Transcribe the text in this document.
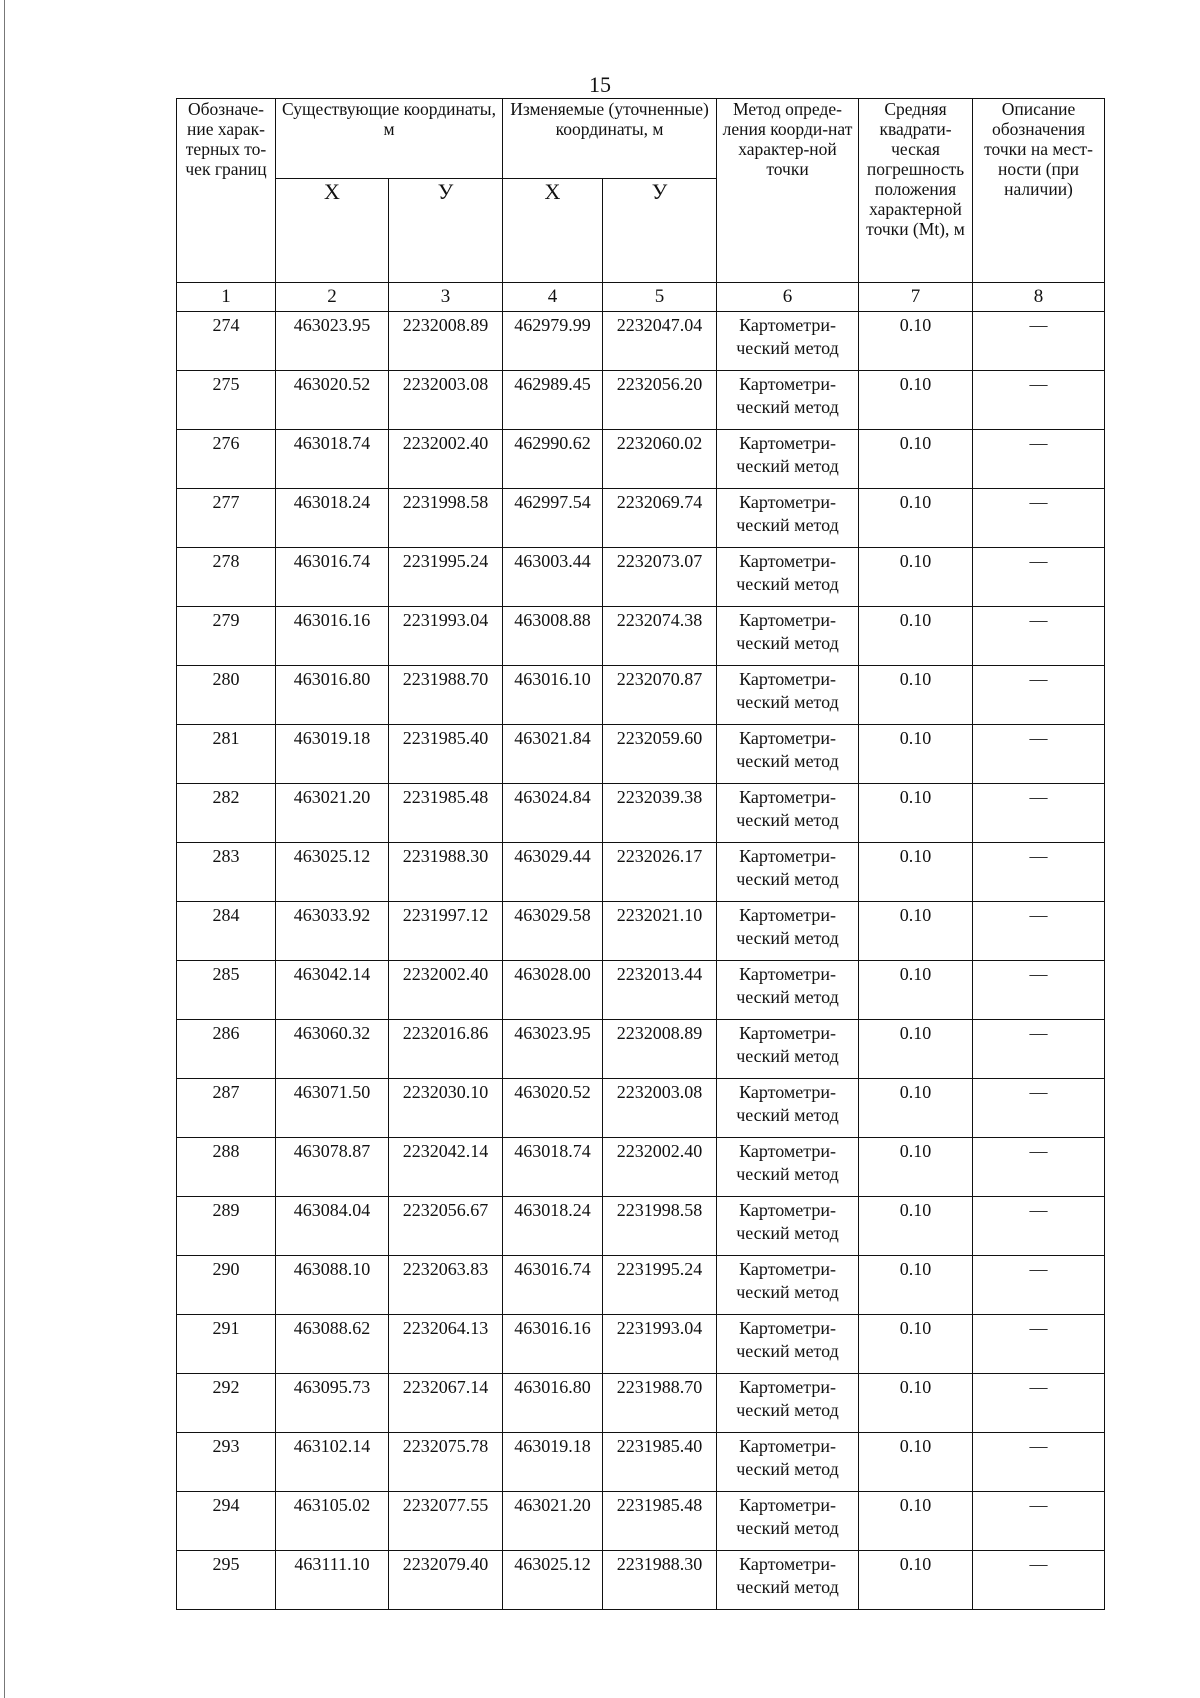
15
Обозначе-ние харак-терных то-чек границ	Существующие координаты, м		Изменяемые (уточненные) координаты, м		Метод опреде-ления коорди-нат характер-ной точки	Средняя квадрати-ческая погрешность положения характерной точки (Mt), м	Описание обозначения точки на мест-ности (при наличии)
	X	У	X	У			
1	2	3	4	5	6	7	8
274	463023.95	2232008.89	462979.99	2232047.04	Картометри-ческий метод	0.10	—
275	463020.52	2232003.08	462989.45	2232056.20	Картометри-ческий метод	0.10	—
276	463018.74	2232002.40	462990.62	2232060.02	Картометри-ческий метод	0.10	—
277	463018.24	2231998.58	462997.54	2232069.74	Картометри-ческий метод	0.10	—
278	463016.74	2231995.24	463003.44	2232073.07	Картометри-ческий метод	0.10	—
279	463016.16	2231993.04	463008.88	2232074.38	Картометри-ческий метод	0.10	—
280	463016.80	2231988.70	463016.10	2232070.87	Картометри-ческий метод	0.10	—
281	463019.18	2231985.40	463021.84	2232059.60	Картометри-ческий метод	0.10	—
282	463021.20	2231985.48	463024.84	2232039.38	Картометри-ческий метод	0.10	—
283	463025.12	2231988.30	463029.44	2232026.17	Картометри-ческий метод	0.10	—
284	463033.92	2231997.12	463029.58	2232021.10	Картометри-ческий метод	0.10	—
285	463042.14	2232002.40	463028.00	2232013.44	Картометри-ческий метод	0.10	—
286	463060.32	2232016.86	463023.95	2232008.89	Картометри-ческий метод	0.10	—
287	463071.50	2232030.10	463020.52	2232003.08	Картометри-ческий метод	0.10	—
288	463078.87	2232042.14	463018.74	2232002.40	Картометри-ческий метод	0.10	—
289	463084.04	2232056.67	463018.24	2231998.58	Картометри-ческий метод	0.10	—
290	463088.10	2232063.83	463016.74	2231995.24	Картометри-ческий метод	0.10	—
291	463088.62	2232064.13	463016.16	2231993.04	Картометри-ческий метод	0.10	—
292	463095.73	2232067.14	463016.80	2231988.70	Картометри-ческий метод	0.10	—
293	463102.14	2232075.78	463019.18	2231985.40	Картометри-ческий метод	0.10	—
294	463105.02	2232077.55	463021.20	2231985.48	Картометри-ческий метод	0.10	—
295	463111.10	2232079.40	463025.12	2231988.30	Картометри-ческий метод	0.10	—
